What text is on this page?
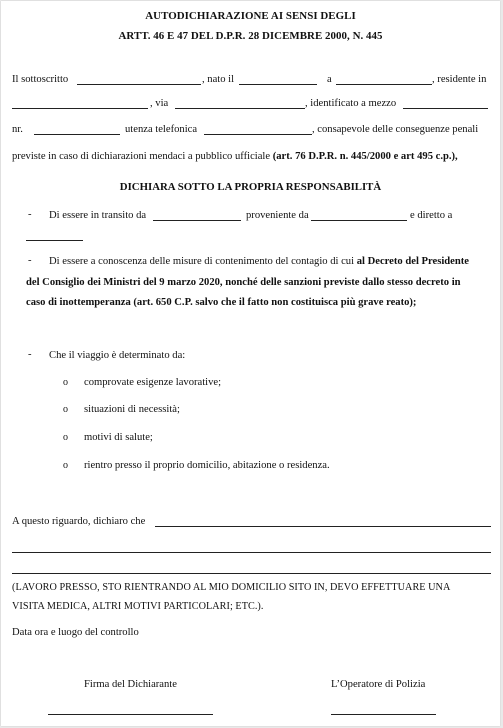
AUTODICHIARAZIONE AI SENSI DEGLI
ARTT. 46 E 47 DEL D.P.R. 28 DICEMBRE 2000, N. 445
Il sottoscritto	, nato il	a	, residente in
, via	, identificato a mezzo
nr.	utenza telefonica	, consapevole delle conseguenze penali
previste in caso di dichiarazioni mendaci a pubblico ufficiale (art. 76 D.P.R. n. 445/2000 e art 495 c.p.),
DICHIARA SOTTO LA PROPRIA RESPONSABILITÀ
- Di essere in transito da	proveniente da	e diretto a
- Di essere a conoscenza delle misure di contenimento del contagio di cui al Decreto del Presidente
del Consiglio dei Ministri del 9 marzo 2020, nonché delle sanzioni previste dallo stesso decreto in
caso di inottemperanza (art. 650 C.P. salvo che il fatto non costituisca più grave reato);
- Che il viaggio è determinato da:
o comprovate esigenze lavorative;
o situazioni di necessità;
o motivi di salute;
o rientro presso il proprio domicilio, abitazione o residenza.
A questo riguardo, dichiaro che
(LAVORO PRESSO, STO RIENTRANDO AL MIO DOMICILIO SITO IN, DEVO EFFETTUARE UNA
VISITA MEDICA, ALTRI MOTIVI PARTICOLARI; ETC.).
Data ora e luogo del controllo
Firma del Dichiarante	L’Operatore di Polizia
